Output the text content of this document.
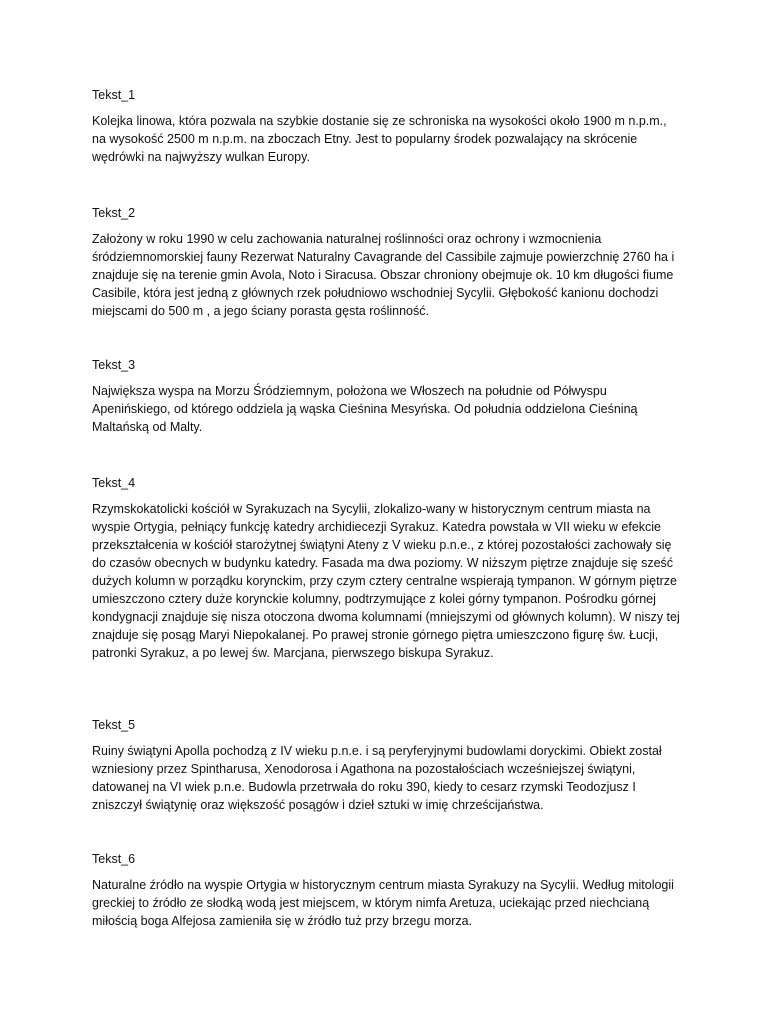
Tekst_1

Kolejka linowa, która pozwala na szybkie dostanie się ze schroniska na wysokości około 1900 m n.p.m., na wysokość 2500 m n.p.m. na zboczach Etny. Jest to popularny środek pozwalający na skrócenie wędrówki na najwyższy wulkan Europy.

Tekst_2

Założony w roku 1990 w celu zachowania naturalnej roślinności oraz ochrony i wzmocnienia śródziemnomorskiej fauny Rezerwat Naturalny Cavagrande del Cassibile zajmuje powierzchnię 2760 ha i znajduje się na terenie gmin Avola, Noto i Siracusa. Obszar chroniony obejmuje ok. 10 km długości fiume Casibile, która jest jedną z głównych rzek południowo wschodniej Sycylii. Głębokość kanionu dochodzi miejscami do 500 m , a jego ściany porasta gęsta roślinność.

Tekst_3

Największa wyspa na Morzu Śródziemnym, położona we Włoszech na południe od Półwyspu Apenińskiego, od którego oddziela ją wąska Cieśnina Mesyńska. Od południa oddzielona Cieśniną Maltańską od Malty.

Tekst_4

Rzymskokatolicki kościół w Syrakuzach na Sycylii, zlokalizo-wany w historycznym centrum miasta na wyspie Ortygia, pełniący funkcję katedry archidiecezji Syrakuz. Katedra powstała w VII wieku w efekcie przekształcenia w kościół starożytnej świątyni Ateny z V wieku p.n.e., z której pozostałości zachowały się do czasów obecnych w budynku katedry. Fasada ma dwa poziomy. W niższym piętrze znajduje się sześć dużych kolumn w porządku korynckim, przy czym cztery centralne wspierają tympanon. W górnym piętrze umieszczono cztery duże korynckie kolumny, podtrzymujące z kolei górny tympanon. Pośrodku górnej kondygnacji znajduje się nisza otoczona dwoma kolumnami (mniejszymi od głównych kolumn). W niszy tej znajduje się posąg Maryi Niepokalanej. Po prawej stronie górnego piętra umieszczono figurę św. Łucji, patronki Syrakuz, a po lewej św. Marcjana, pierwszego biskupa Syrakuz.

Tekst_5

Ruiny świątyni Apolla pochodzą z IV wieku p.n.e. i są peryferyjnymi budowlami doryckimi. Obiekt został wzniesiony przez Spintharusa, Xenodorosa i Agathona na pozostałościach wcześniejszej świątyni, datowanej na VI wiek p.n.e. Budowla przetrwała do roku 390, kiedy to cesarz rzymski Teodozjusz I zniszczył świątynię oraz większość posągów i dzieł sztuki w imię chrześcijaństwa.

Tekst_6

Naturalne źródło na wyspie Ortygia w historycznym centrum miasta Syrakuzy na Sycylii. Według mitologii greckiej to źródło ze słodką wodą jest miejscem, w którym nimfa Aretuza, uciekając przed niechcianą miłością boga Alfejosa zamieniła się w źródło tuż przy brzegu morza.
